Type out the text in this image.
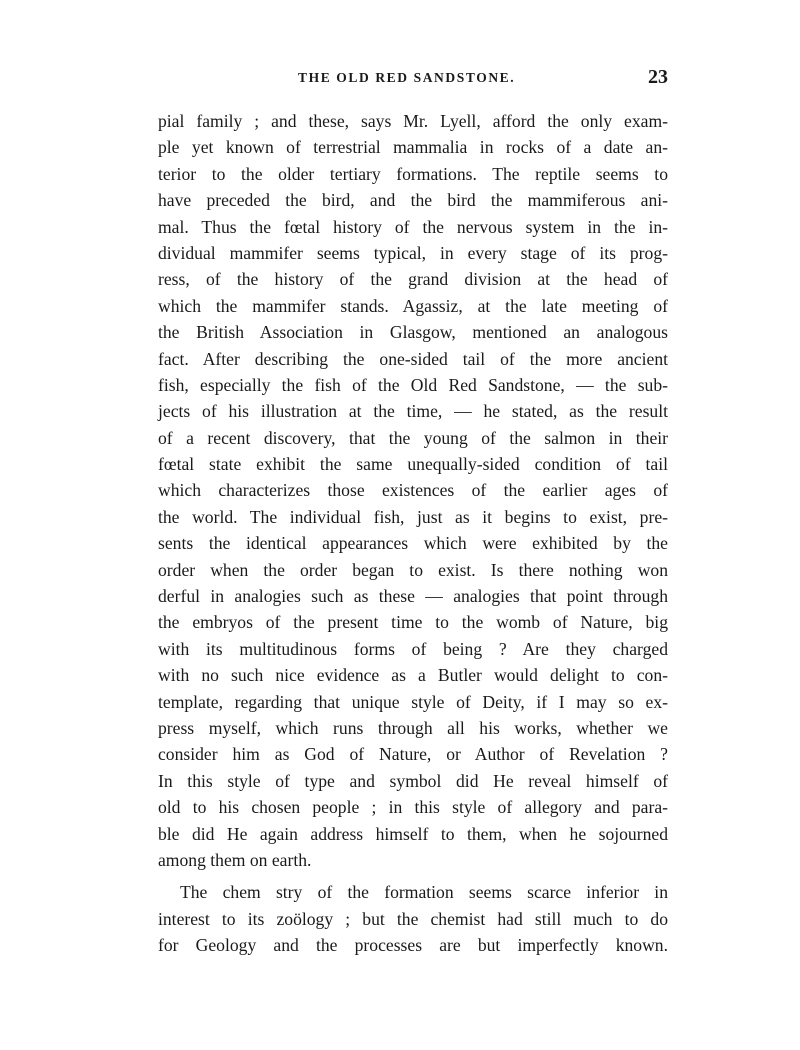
THE OLD RED SANDSTONE.	23
pial family ; and these, says Mr. Lyell, afford the only exam-
ple yet known of terrestrial mammalia in rocks of a date an-
terior to the older tertiary formations. The reptile seems to
have preceded the bird, and the bird the mammiferous ani-
mal. Thus the fœtal history of the nervous system in the in-
dividual mammifer seems typical, in every stage of its prog-
ress, of the history of the grand division at the head of
which the mammifer stands. Agassiz, at the late meeting of
the British Association in Glasgow, mentioned an analogous
fact. After describing the one-sided tail of the more ancient
fish, especially the fish of the Old Red Sandstone, — the sub-
jects of his illustration at the time, — he stated, as the result
of a recent discovery, that the young of the salmon in their
fœtal state exhibit the same unequally-sided condition of tail
which characterizes those existences of the earlier ages of
the world. The individual fish, just as it begins to exist, pre-
sents the identical appearances which were exhibited by the
order when the order began to exist. Is there nothing won
derful in analogies such as these — analogies that point through
the embryos of the present time to the womb of Nature, big
with its multitudinous forms of being ? Are they charged
with no such nice evidence as a Butler would delight to con-
template, regarding that unique style of Deity, if I may so ex-
press myself, which runs through all his works, whether we
consider him as God of Nature, or Author of Revelation ?
In this style of type and symbol did He reveal himself of
old to his chosen people ; in this style of allegory and para-
ble did He again address himself to them, when he sojourned
among them on earth.
The chem stry of the formation seems scarce inferior in
interest to its zoölogy ; but the chemist had still much to do
for Geology and the processes are but imperfectly known.
